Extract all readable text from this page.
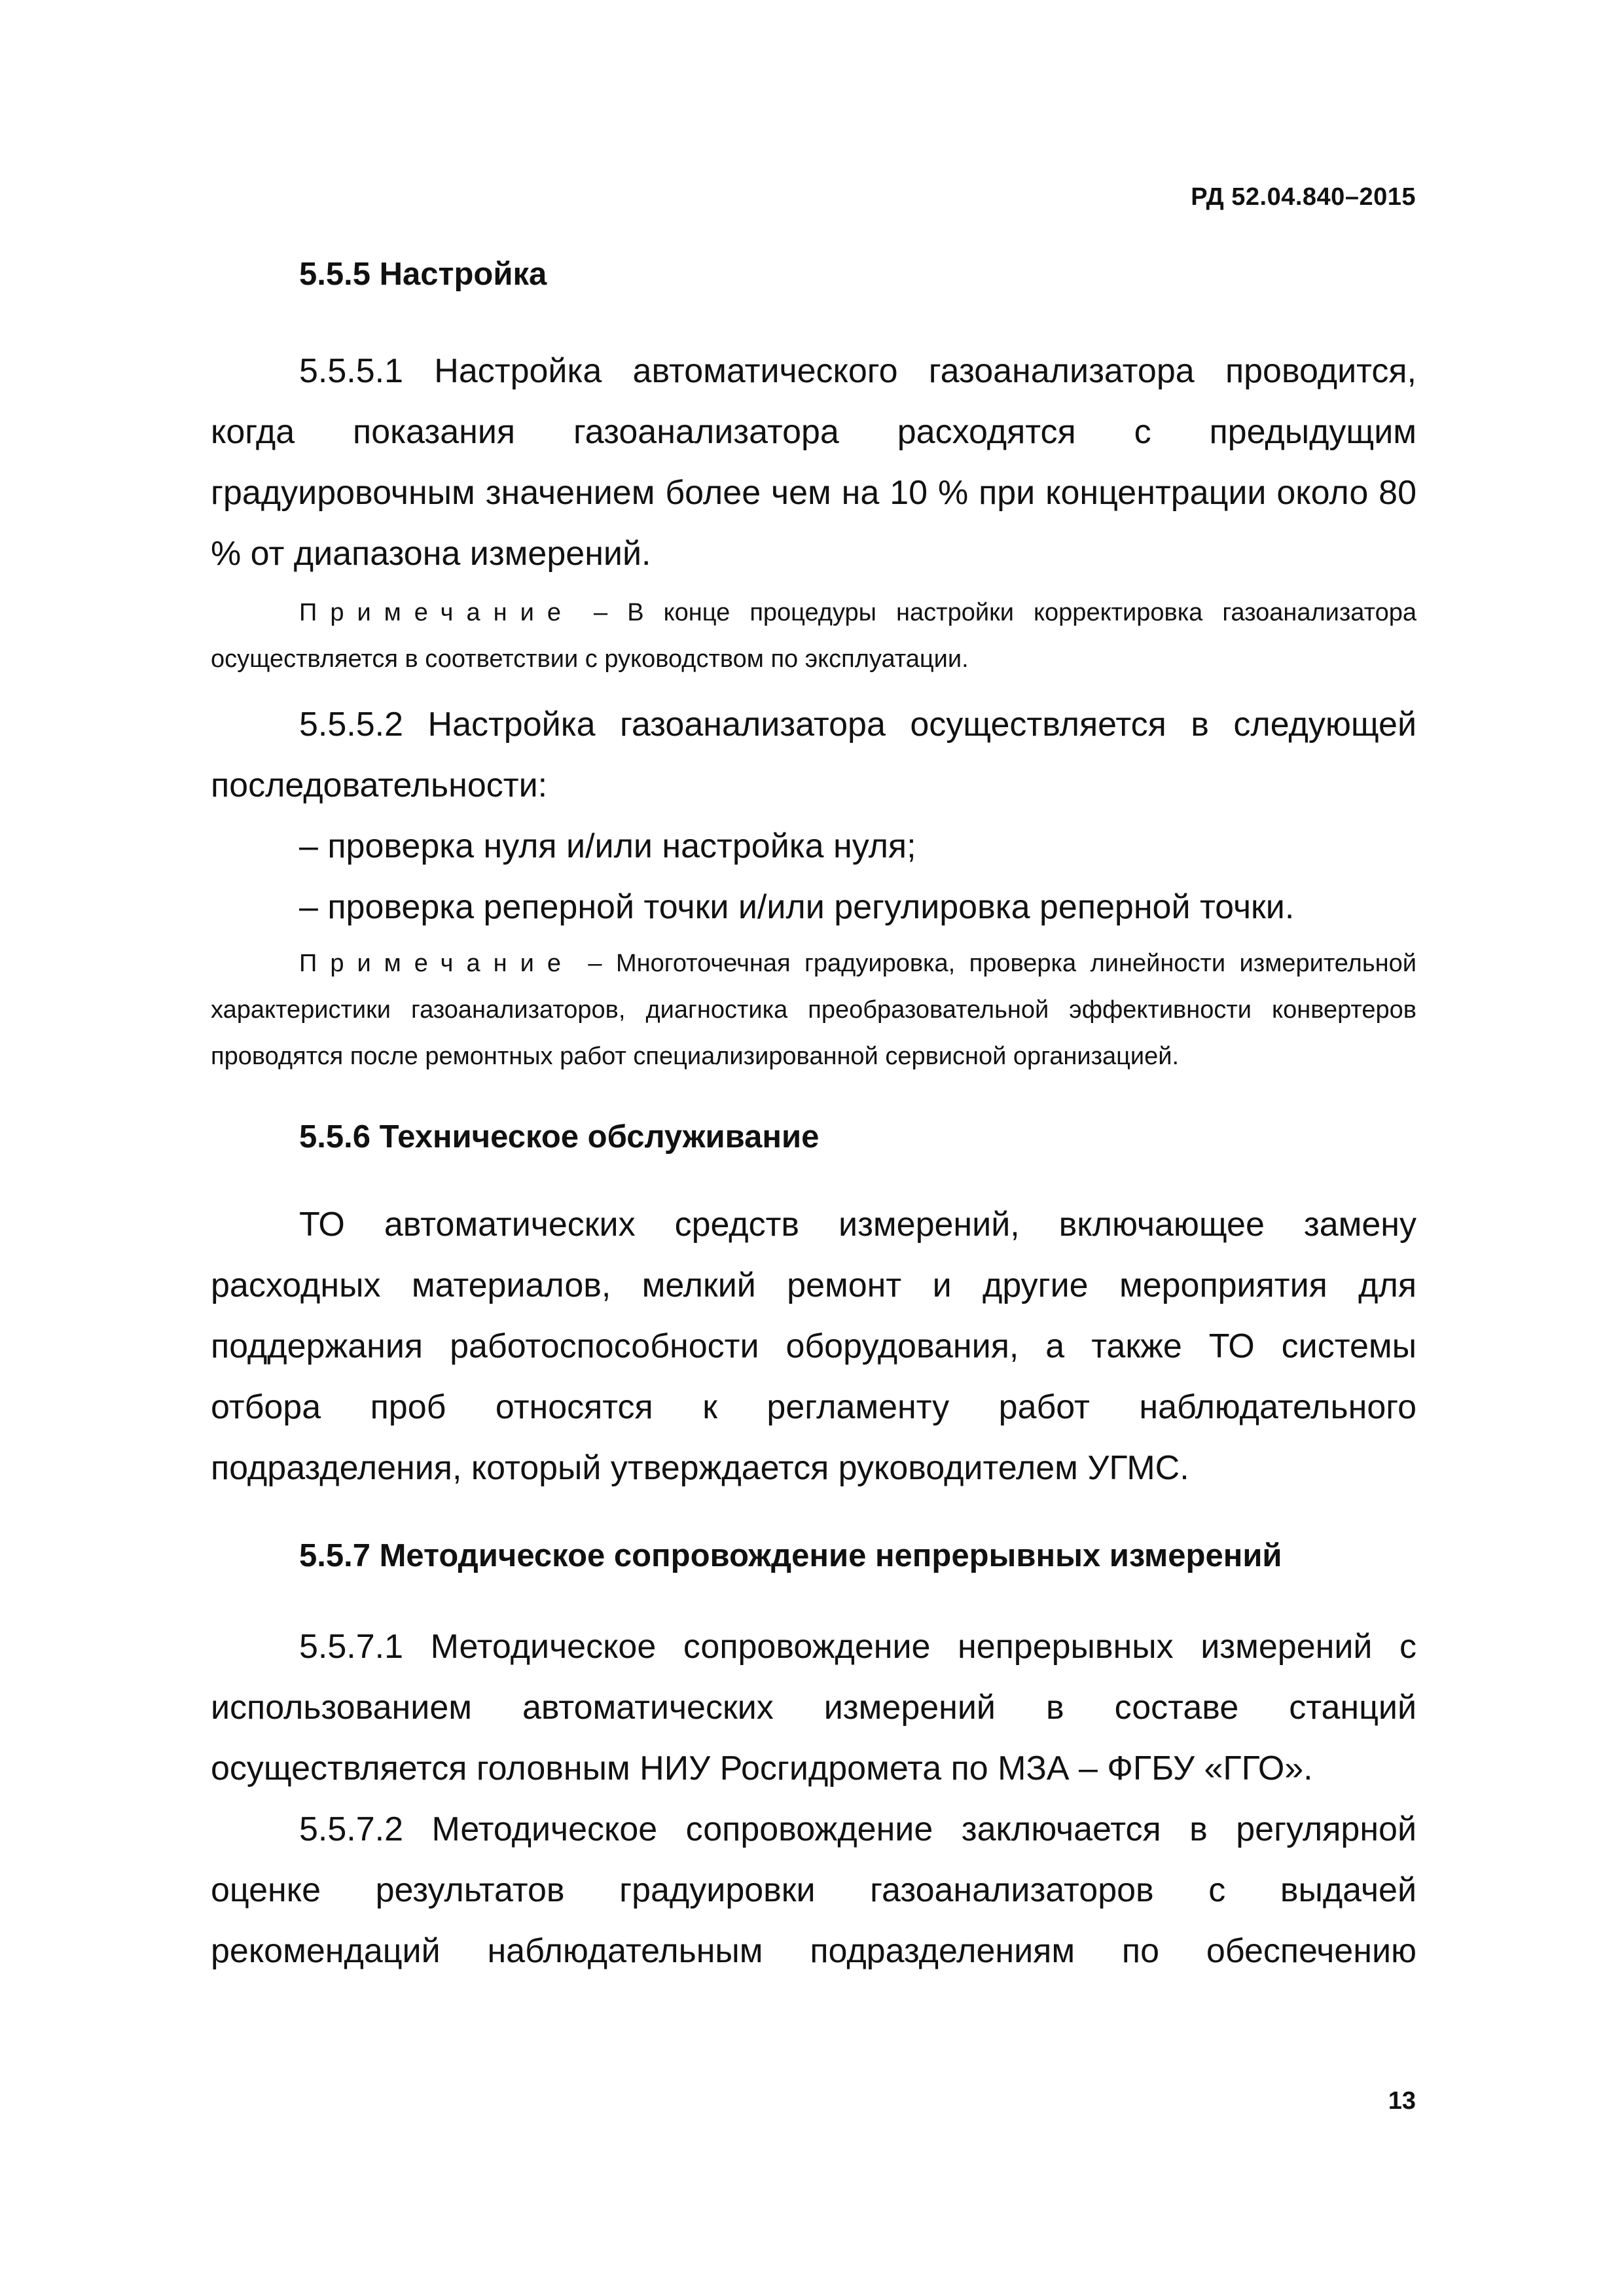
РД 52.04.840–2015
5.5.5 Настройка

5.5.5.1 Настройка автоматического газоанализатора проводится, когда показания газоанализатора расходятся с предыдущим градуировочным значением более чем на 10 % при концентрации около 80 % от диапазона измерений.

Примечание – В конце процедуры настройки корректировка газоанализатора осуществляется в соответствии с руководством по эксплуатации.

5.5.5.2 Настройка газоанализатора осуществляется в следующей последовательности:

– проверка нуля и/или настройка нуля;

– проверка реперной точки и/или регулировка реперной точки.

Примечание – Многоточечная градуировка, проверка линейности измерительной характеристики газоанализаторов, диагностика преобразовательной эффективности конвертеров проводятся после ремонтных работ специализированной сервисной организацией.

5.5.6 Техническое обслуживание

ТО автоматических средств измерений, включающее замену расходных материалов, мелкий ремонт и другие мероприятия для поддержания работоспособности оборудования, а также ТО системы отбора проб относятся к регламенту работ наблюдательного подразделения, который утверждается руководителем УГМС.

5.5.7 Методическое сопровождение непрерывных измерений

5.5.7.1 Методическое сопровождение непрерывных измерений с использованием автоматических измерений в составе станций осуществляется головным НИУ Росгидромета по МЗА – ФГБУ «ГГО».

5.5.7.2 Методическое сопровождение заключается в регулярной оценке результатов градуировки газоанализаторов с выдачей рекомендаций наблюдательным подразделениям по обеспечению

13
